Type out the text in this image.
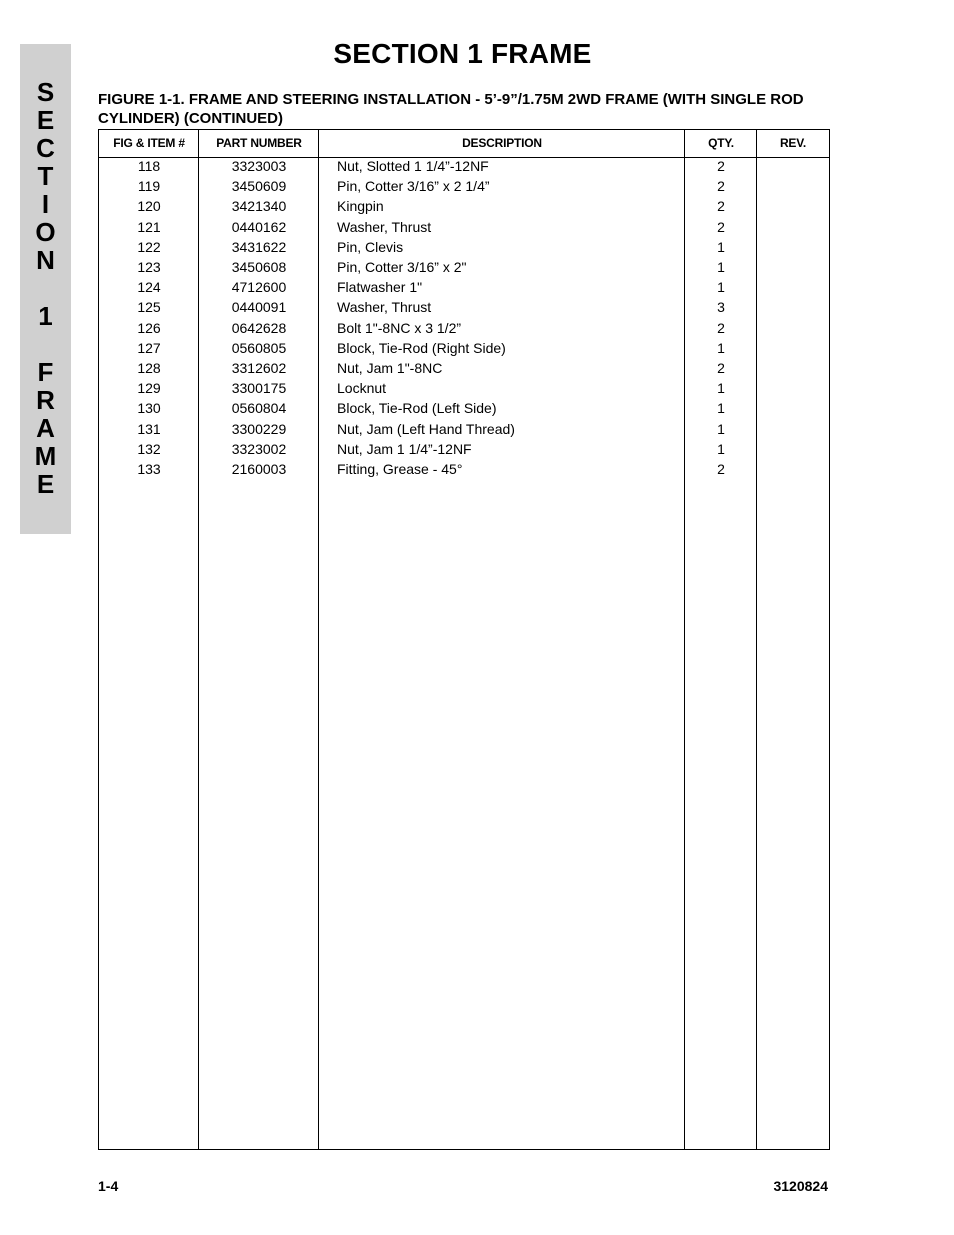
S
E
C
T
I
O
N
1
F
R
A
M
E
SECTION 1 FRAME
FIGURE 1-1. FRAME AND STEERING INSTALLATION - 5’-9”/1.75M 2WD FRAME (WITH SINGLE ROD CYLINDER) (CONTINUED)
FIG & ITEM #	PART NUMBER	DESCRIPTION	QTY.	REV.
118	3323003	Nut, Slotted 1 1/4”-12NF	2
119	3450609	Pin, Cotter 3/16” x 2 1/4”	2
120	3421340	Kingpin	2
121	0440162	Washer, Thrust	2
122	3431622	Pin, Clevis	1
123	3450608	Pin, Cotter 3/16” x 2"	1
124	4712600	Flatwasher 1"	1
125	0440091	Washer, Thrust	3
126	0642628	Bolt 1"-8NC x 3 1/2”	2
127	0560805	Block, Tie-Rod (Right Side)	1
128	3312602	Nut, Jam 1"-8NC	2
129	3300175	Locknut	1
130	0560804	Block, Tie-Rod (Left Side)	1
131	3300229	Nut, Jam (Left Hand Thread)	1
132	3323002	Nut, Jam 1 1/4”-12NF	1
133	2160003	Fitting, Grease - 45°	2
1-4	3120824
